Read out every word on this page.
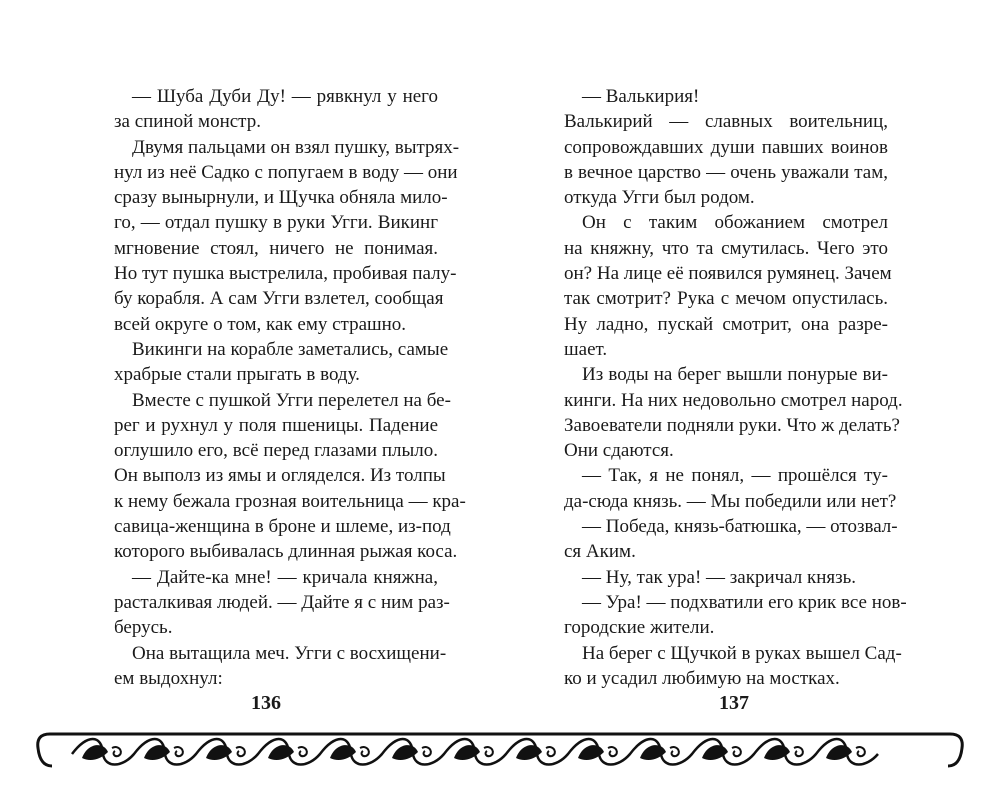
— Шуба Дуби Ду! — рявкнул у него
за спиной монстр.
Двумя пальцами он взял пушку, вытрях-
нул из неё Садко с попугаем в воду — они
сразу вынырнули, и Щучка обняла мило-
го, — отдал пушку в руки Угги. Викинг
мгновение стоял, ничего не понимая.
Но тут пушка выстрелила, пробивая палу-
бу корабля. А сам Угги взлетел, сообщая
всей округе о том, как ему страшно.
Викинги на корабле заметались, самые
храбрые стали прыгать в воду.
Вместе с пушкой Угги перелетел на бе-
рег и рухнул у поля пшеницы. Падение
оглушило его, всё перед глазами плыло.
Он выполз из ямы и огляделся. Из толпы
к нему бежала грозная воительница — кра-
савица-женщина в броне и шлеме, из-под
которого выбивалась длинная рыжая коса.
— Дайте-ка мне! — кричала княжна,
расталкивая людей. — Дайте я с ним раз-
берусь.
Она вытащила меч. Угги с восхищени-
ем выдохнул:
— Валькирия!
Валькирий — славных воительниц,
сопровождавших души павших воинов
в вечное царство — очень уважали там,
откуда Угги был родом.
Он с таким обожанием смотрел
на княжну, что та смутилась. Чего это
он? На лице её появился румянец. Зачем
так смотрит? Рука с мечом опустилась.
Ну ладно, пускай смотрит, она разре-
шает.
Из воды на берег вышли понурые ви-
кинги. На них недовольно смотрел народ.
Завоеватели подняли руки. Что ж делать?
Они сдаются.
— Так, я не понял, — прошёлся ту-
да-сюда князь. — Мы победили или нет?
— Победа, князь-батюшка, — отозвал-
ся Аким.
— Ну, так ура! — закричал князь.
— Ура! — подхватили его крик все нов-
городские жители.
На берег с Щучкой в руках вышел Сад-
ко и усадил любимую на мостках.
136	137
